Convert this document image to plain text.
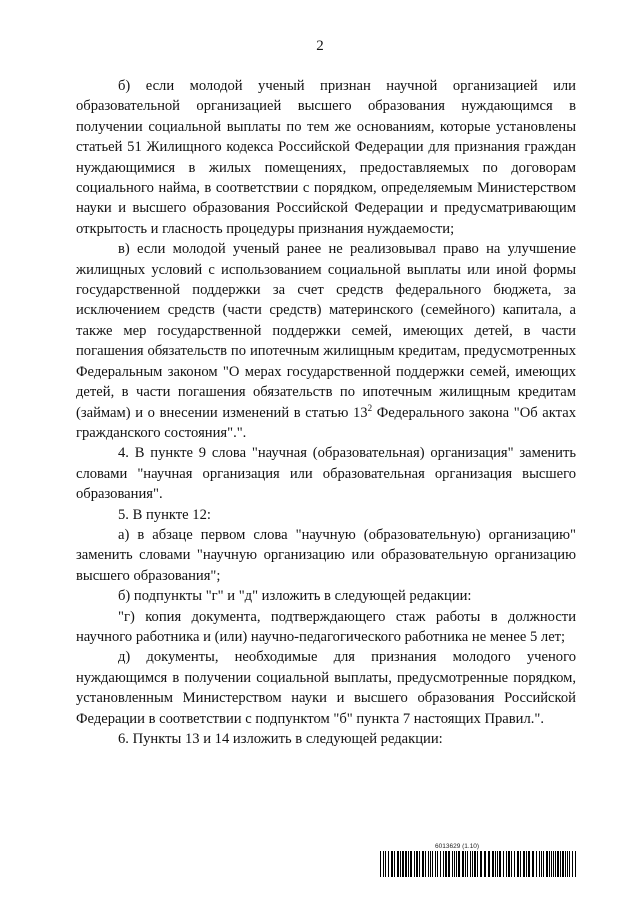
2

б) если молодой ученый признан научной организацией или образовательной организацией высшего образования нуждающимся в получении социальной выплаты по тем же основаниям, которые установлены статьей 51 Жилищного кодекса Российской Федерации для признания граждан нуждающимися в жилых помещениях, предоставляемых по договорам социального найма, в соответствии с порядком, определяемым Министерством науки и высшего образования Российской Федерации и предусматривающим открытость и гласность процедуры признания нуждаемости;

в) если молодой ученый ранее не реализовывал право на улучшение жилищных условий с использованием социальной выплаты или иной формы государственной поддержки за счет средств федерального бюджета, за исключением средств (части средств) материнского (семейного) капитала, а также мер государственной поддержки семей, имеющих детей, в части погашения обязательств по ипотечным жилищным кредитам, предусмотренных Федеральным законом "О мерах государственной поддержки семей, имеющих детей, в части погашения обязательств по ипотечным жилищным кредитам (займам) и о внесении изменений в статью $13^2$ Федерального закона "Об актах гражданского состояния".".

4. В пункте 9 слова "научная (образовательная) организация" заменить словами "научная организация или образовательная организация высшего образования".

5. В пункте 12:

а) в абзаце первом слова "научную (образовательную) организацию" заменить словами "научную организацию или образовательную организацию высшего образования";

б) подпункты "г" и "д" изложить в следующей редакции:

"г) копия документа, подтверждающего стаж работы в должности научного работника и (или) научно-педагогического работника не менее 5 лет;

д) документы, необходимые для признания молодого ученого нуждающимся в получении социальной выплаты, предусмотренные порядком, установленным Министерством науки и высшего образования Российской Федерации в соответствии с подпунктом "б" пункта 7 настоящих Правил.".

6. Пункты 13 и 14 изложить в следующей редакции:

6013629 (1.10)
